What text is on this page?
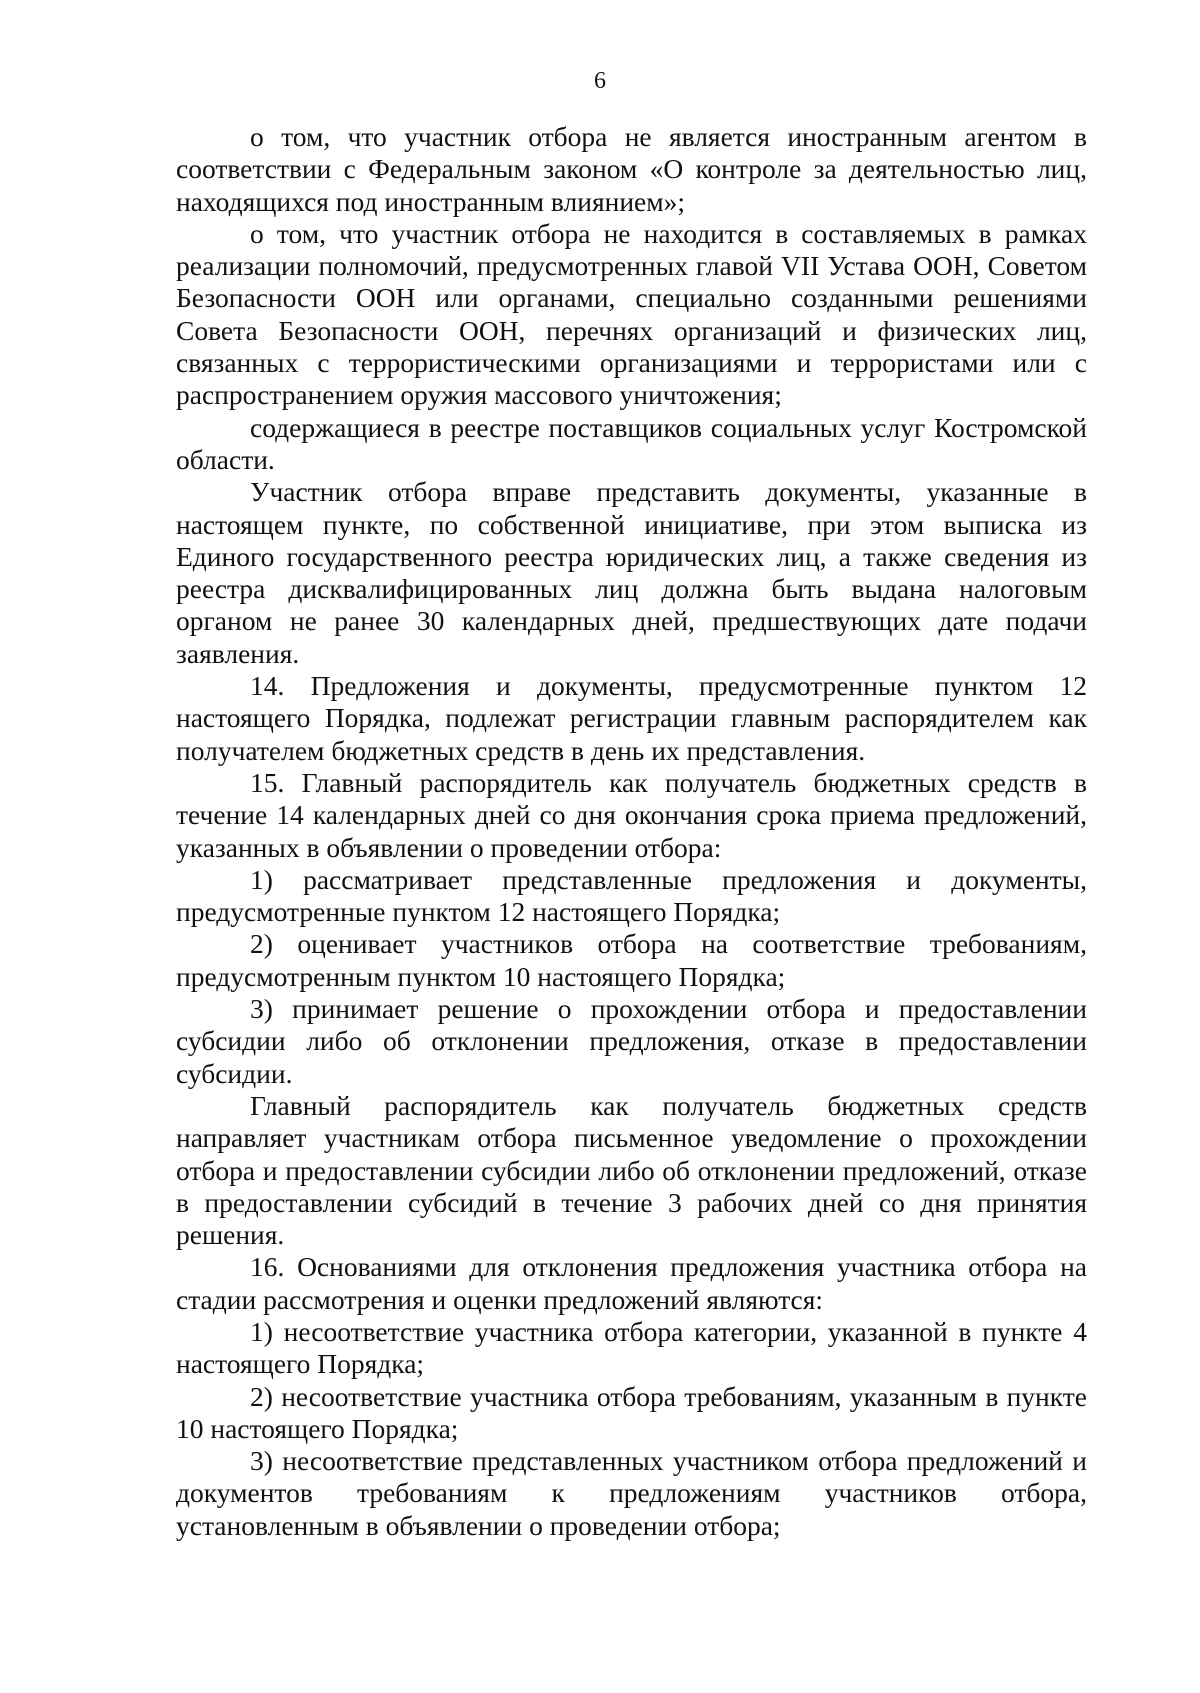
6

о том, что участник отбора не является иностранным агентом в соответствии с Федеральным законом «О контроле за деятельностью лиц, находящихся под иностранным влиянием»;

о том, что участник отбора не находится в составляемых в рамках реализации полномочий, предусмотренных главой VII Устава ООН, Советом Безопасности ООН или органами, специально созданными решениями Совета Безопасности ООН, перечнях организаций и физических лиц, связанных с террористическими организациями и террористами или с распространением оружия массового уничтожения;

содержащиеся в реестре поставщиков социальных услуг Костромской области.

Участник отбора вправе представить документы, указанные в настоящем пункте, по собственной инициативе, при этом выписка из Единого государственного реестра юридических лиц, а также сведения из реестра дисквалифицированных лиц должна быть выдана налоговым органом не ранее 30 календарных дней, предшествующих дате подачи заявления.

14. Предложения и документы, предусмотренные пунктом 12 настоящего Порядка, подлежат регистрации главным распорядителем как получателем бюджетных средств в день их представления.

15. Главный распорядитель как получатель бюджетных средств в течение 14 календарных дней со дня окончания срока приема предложений, указанных в объявлении о проведении отбора:

1) рассматривает представленные предложения и документы, предусмотренные пунктом 12 настоящего Порядка;

2) оценивает участников отбора на соответствие требованиям, предусмотренным пунктом 10 настоящего Порядка;

3) принимает решение о прохождении отбора и предоставлении субсидии либо об отклонении предложения, отказе в предоставлении субсидии.

Главный распорядитель как получатель бюджетных средств направляет участникам отбора письменное уведомление о прохождении отбора и предоставлении субсидии либо об отклонении предложений, отказе в предоставлении субсидий в течение 3 рабочих дней со дня принятия решения.

16. Основаниями для отклонения предложения участника отбора на стадии рассмотрения и оценки предложений являются:

1) несоответствие участника отбора категории, указанной в пункте 4 настоящего Порядка;

2) несоответствие участника отбора требованиям, указанным в пункте 10 настоящего Порядка;

3) несоответствие представленных участником отбора предложений и документов требованиям к предложениям участников отбора, установленным в объявлении о проведении отбора;
